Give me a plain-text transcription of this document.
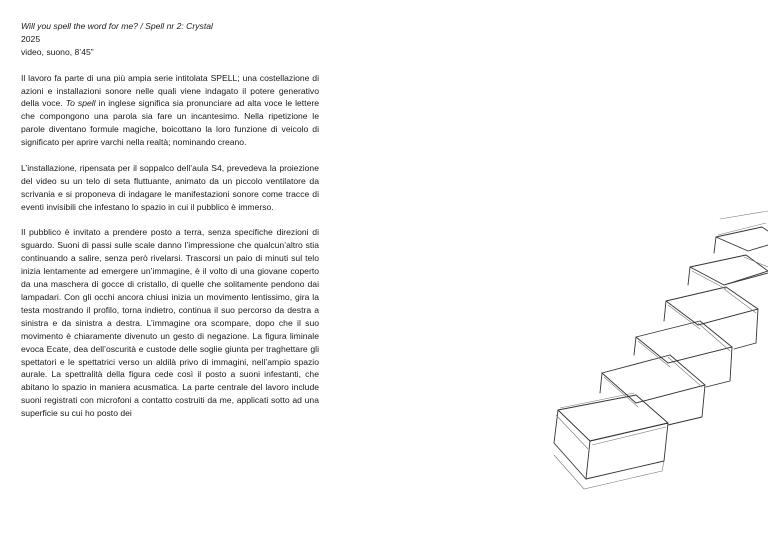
Will you spell the word for me? / Spell nr 2: Crystal
2025
video, suono, 8’45”

Il lavoro fa parte di una più ampia serie intitolata SPELL; una costellazione di azioni e installazioni sonore nelle quali viene indagato il potere generativo della voce. To spell in inglese significa sia pronunciare ad alta voce le lettere che compongono una parola sia fare un incantesimo. Nella ripetizione le parole diventano formule magiche, boicottano la loro funzione di veicolo di significato per aprire varchi nella realtà; nominando creano.

L’installazione, ripensata per il soppalco dell’aula S4, prevedeva la proiezione del video su un telo di seta fluttuante, animato da un piccolo ventilatore da scrivania e si proponeva di indagare le manifestazioni sonore come tracce di eventi invisibili che infestano lo spazio in cui il pubblico è immerso.

Il pubblico è invitato a prendere posto a terra, senza specifiche direzioni di sguardo. Suoni di passi sulle scale danno l’impressione che qualcun’altro stia continuando a salire, senza però rivelarsi. Trascorsi un paio di minuti sul telo inizia lentamente ad emergere un’immagine, è il volto di una giovane coperto da una maschera di gocce di cristallo, di quelle che solitamente pendono dai lampadari. Con gli occhi ancora chiusi inizia un movimento lentissimo, gira la testa mostrando il profilo, torna indietro, continua il suo percorso da destra a sinistra e da sinistra a destra. L’immagine ora scompare, dopo che il suo movimento è chiaramente divenuto un gesto di negazione. La figura liminale evoca Ecate, dea dell’oscurità e custode delle soglie giunta per traghettare gli spettatori e le spettatrici verso un aldilà privo di immagini, nell’ampio spazio aurale. La spettralità della figura cede così il posto a suoni infestanti, che abitano lo spazio in maniera acusmatica. La parte centrale del lavoro include suoni registrati con microfoni a contatto costruiti da me, applicati sotto ad una superficie su cui ho posto dei
